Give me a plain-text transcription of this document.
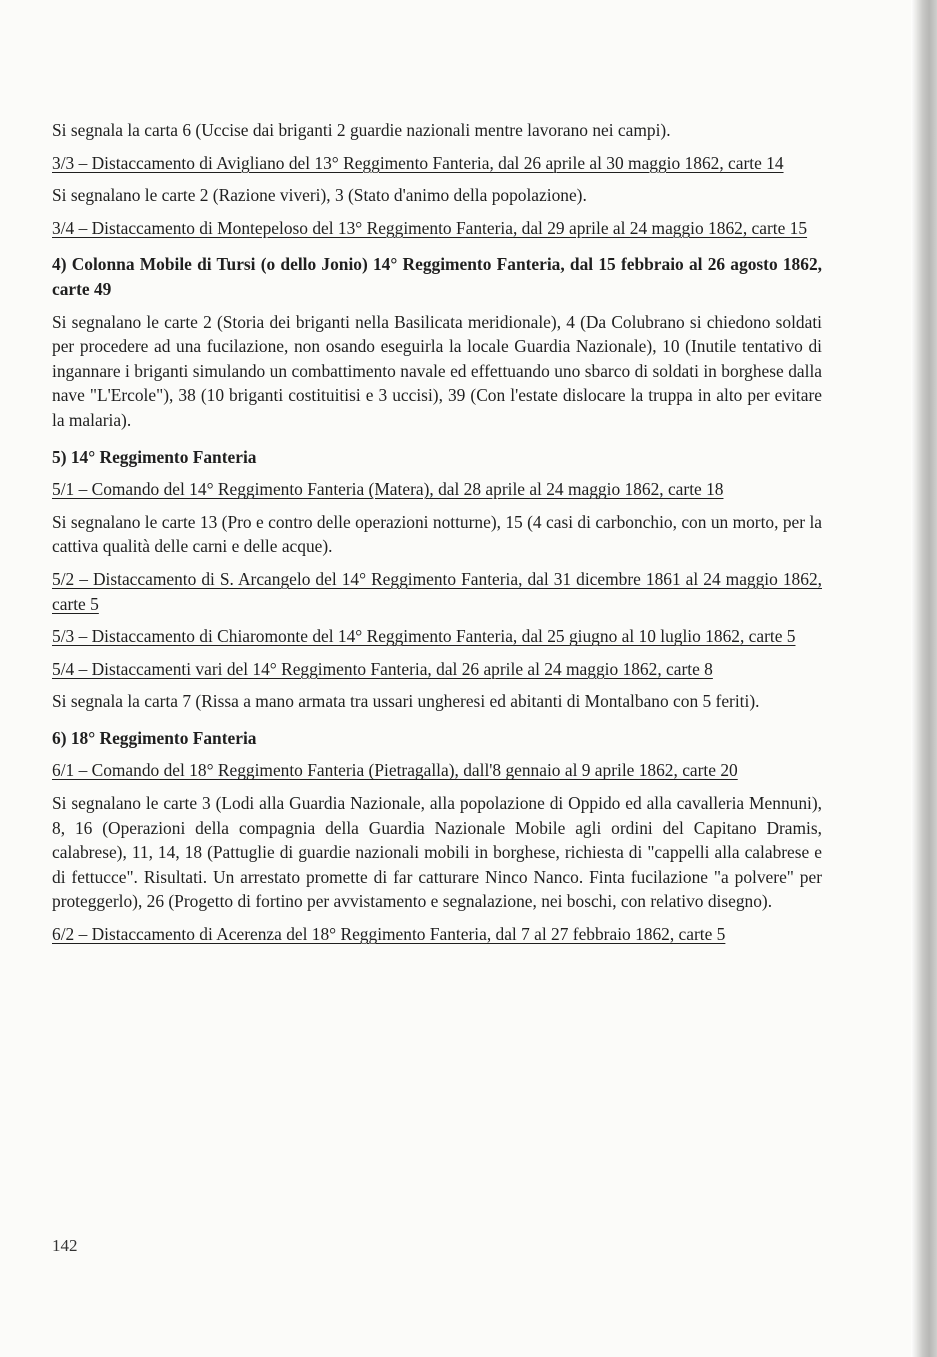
Si segnala la carta 6 (Uccise dai briganti 2 guardie nazionali mentre lavorano nei campi).

3/3 – Distaccamento di Avigliano del 13° Reggimento Fanteria, dal 26 aprile al 30 maggio 1862, carte 14

Si segnalano le carte 2 (Razione viveri), 3 (Stato d'animo della popolazione).

3/4 – Distaccamento di Montepeloso del 13° Reggimento Fanteria, dal 29 aprile al 24 maggio 1862, carte 15

4) Colonna Mobile di Tursi (o dello Jonio) 14° Reggimento Fanteria, dal 15 febbraio al 26 agosto 1862, carte 49

Si segnalano le carte 2 (Storia dei briganti nella Basilicata meridionale), 4 (Da Colubrano si chiedono soldati per procedere ad una fucilazione, non osando eseguirla la locale Guardia Nazionale), 10 (Inutile tentativo di ingannare i briganti simulando un combattimento navale ed effettuando uno sbarco di soldati in borghese dalla nave "L'Ercole"), 38 (10 briganti costituitisi e 3 uccisi), 39 (Con l'estate dislocare la truppa in alto per evitare la malaria).

5) 14° Reggimento Fanteria

5/1 – Comando del 14° Reggimento Fanteria (Matera), dal 28 aprile al 24 maggio 1862, carte 18

Si segnalano le carte 13 (Pro e contro delle operazioni notturne), 15 (4 casi di carbonchio, con un morto, per la cattiva qualità delle carni e delle acque).

5/2 – Distaccamento di S. Arcangelo del 14° Reggimento Fanteria, dal 31 dicembre 1861 al 24 maggio 1862, carte 5

5/3 – Distaccamento di Chiaromonte del 14° Reggimento Fanteria, dal 25 giugno al 10 luglio 1862, carte 5

5/4 – Distaccamenti vari del 14° Reggimento Fanteria, dal 26 aprile al 24 maggio 1862, carte 8

Si segnala la carta 7 (Rissa a mano armata tra ussari ungheresi ed abitanti di Montalbano con 5 feriti).

6) 18° Reggimento Fanteria

6/1 – Comando del 18° Reggimento Fanteria (Pietragalla), dall'8 gennaio al 9 aprile 1862, carte 20

Si segnalano le carte 3 (Lodi alla Guardia Nazionale, alla popolazione di Oppido ed alla cavalleria Mennuni), 8, 16 (Operazioni della compagnia della Guardia Nazionale Mobile agli ordini del Capitano Dramis, calabrese), 11, 14, 18 (Pattuglie di guardie nazionali mobili in borghese, richiesta di "cappelli alla calabrese e di fettucce". Risultati. Un arrestato promette di far catturare Ninco Nanco. Finta fucilazione "a polvere" per proteggerlo), 26 (Progetto di fortino per avvistamento e segnalazione, nei boschi, con relativo disegno).

6/2 – Distaccamento di Acerenza del 18° Reggimento Fanteria, dal 7 al 27 febbraio 1862, carte 5

142
